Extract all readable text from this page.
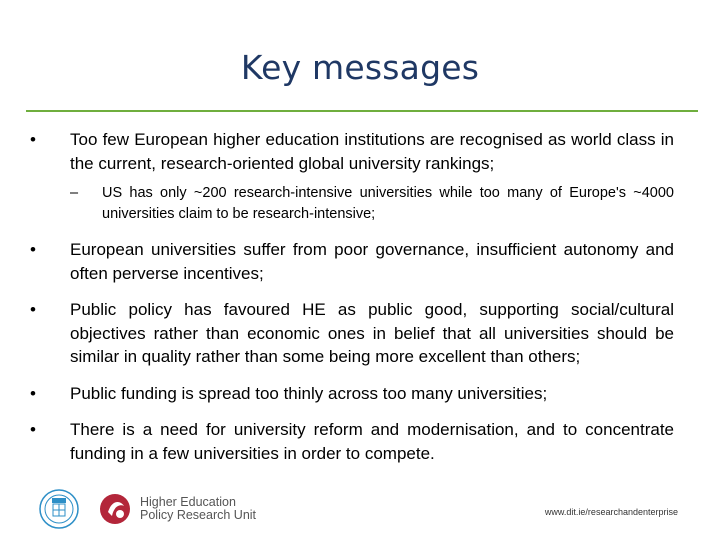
Key messages
• Too few European higher education institutions are recognised as world class in the current, research-oriented global university rankings;
– US has only ~200 research-intensive universities while too many of Europe's ~4000 universities claim to be research-intensive;
• European universities suffer from poor governance, insufficient autonomy and often perverse incentives;
• Public policy has favoured HE as public good, supporting social/cultural objectives rather than economic ones in belief that all universities should be similar in quality rather than some being more excellent than others;
• Public funding is spread too thinly across too many universities;
• There is a need for university reform and modernisation, and to concentrate funding in a few universities in order to compete.
Higher Education
Policy Research Unit	www.dit.ie/researchandenterprise
